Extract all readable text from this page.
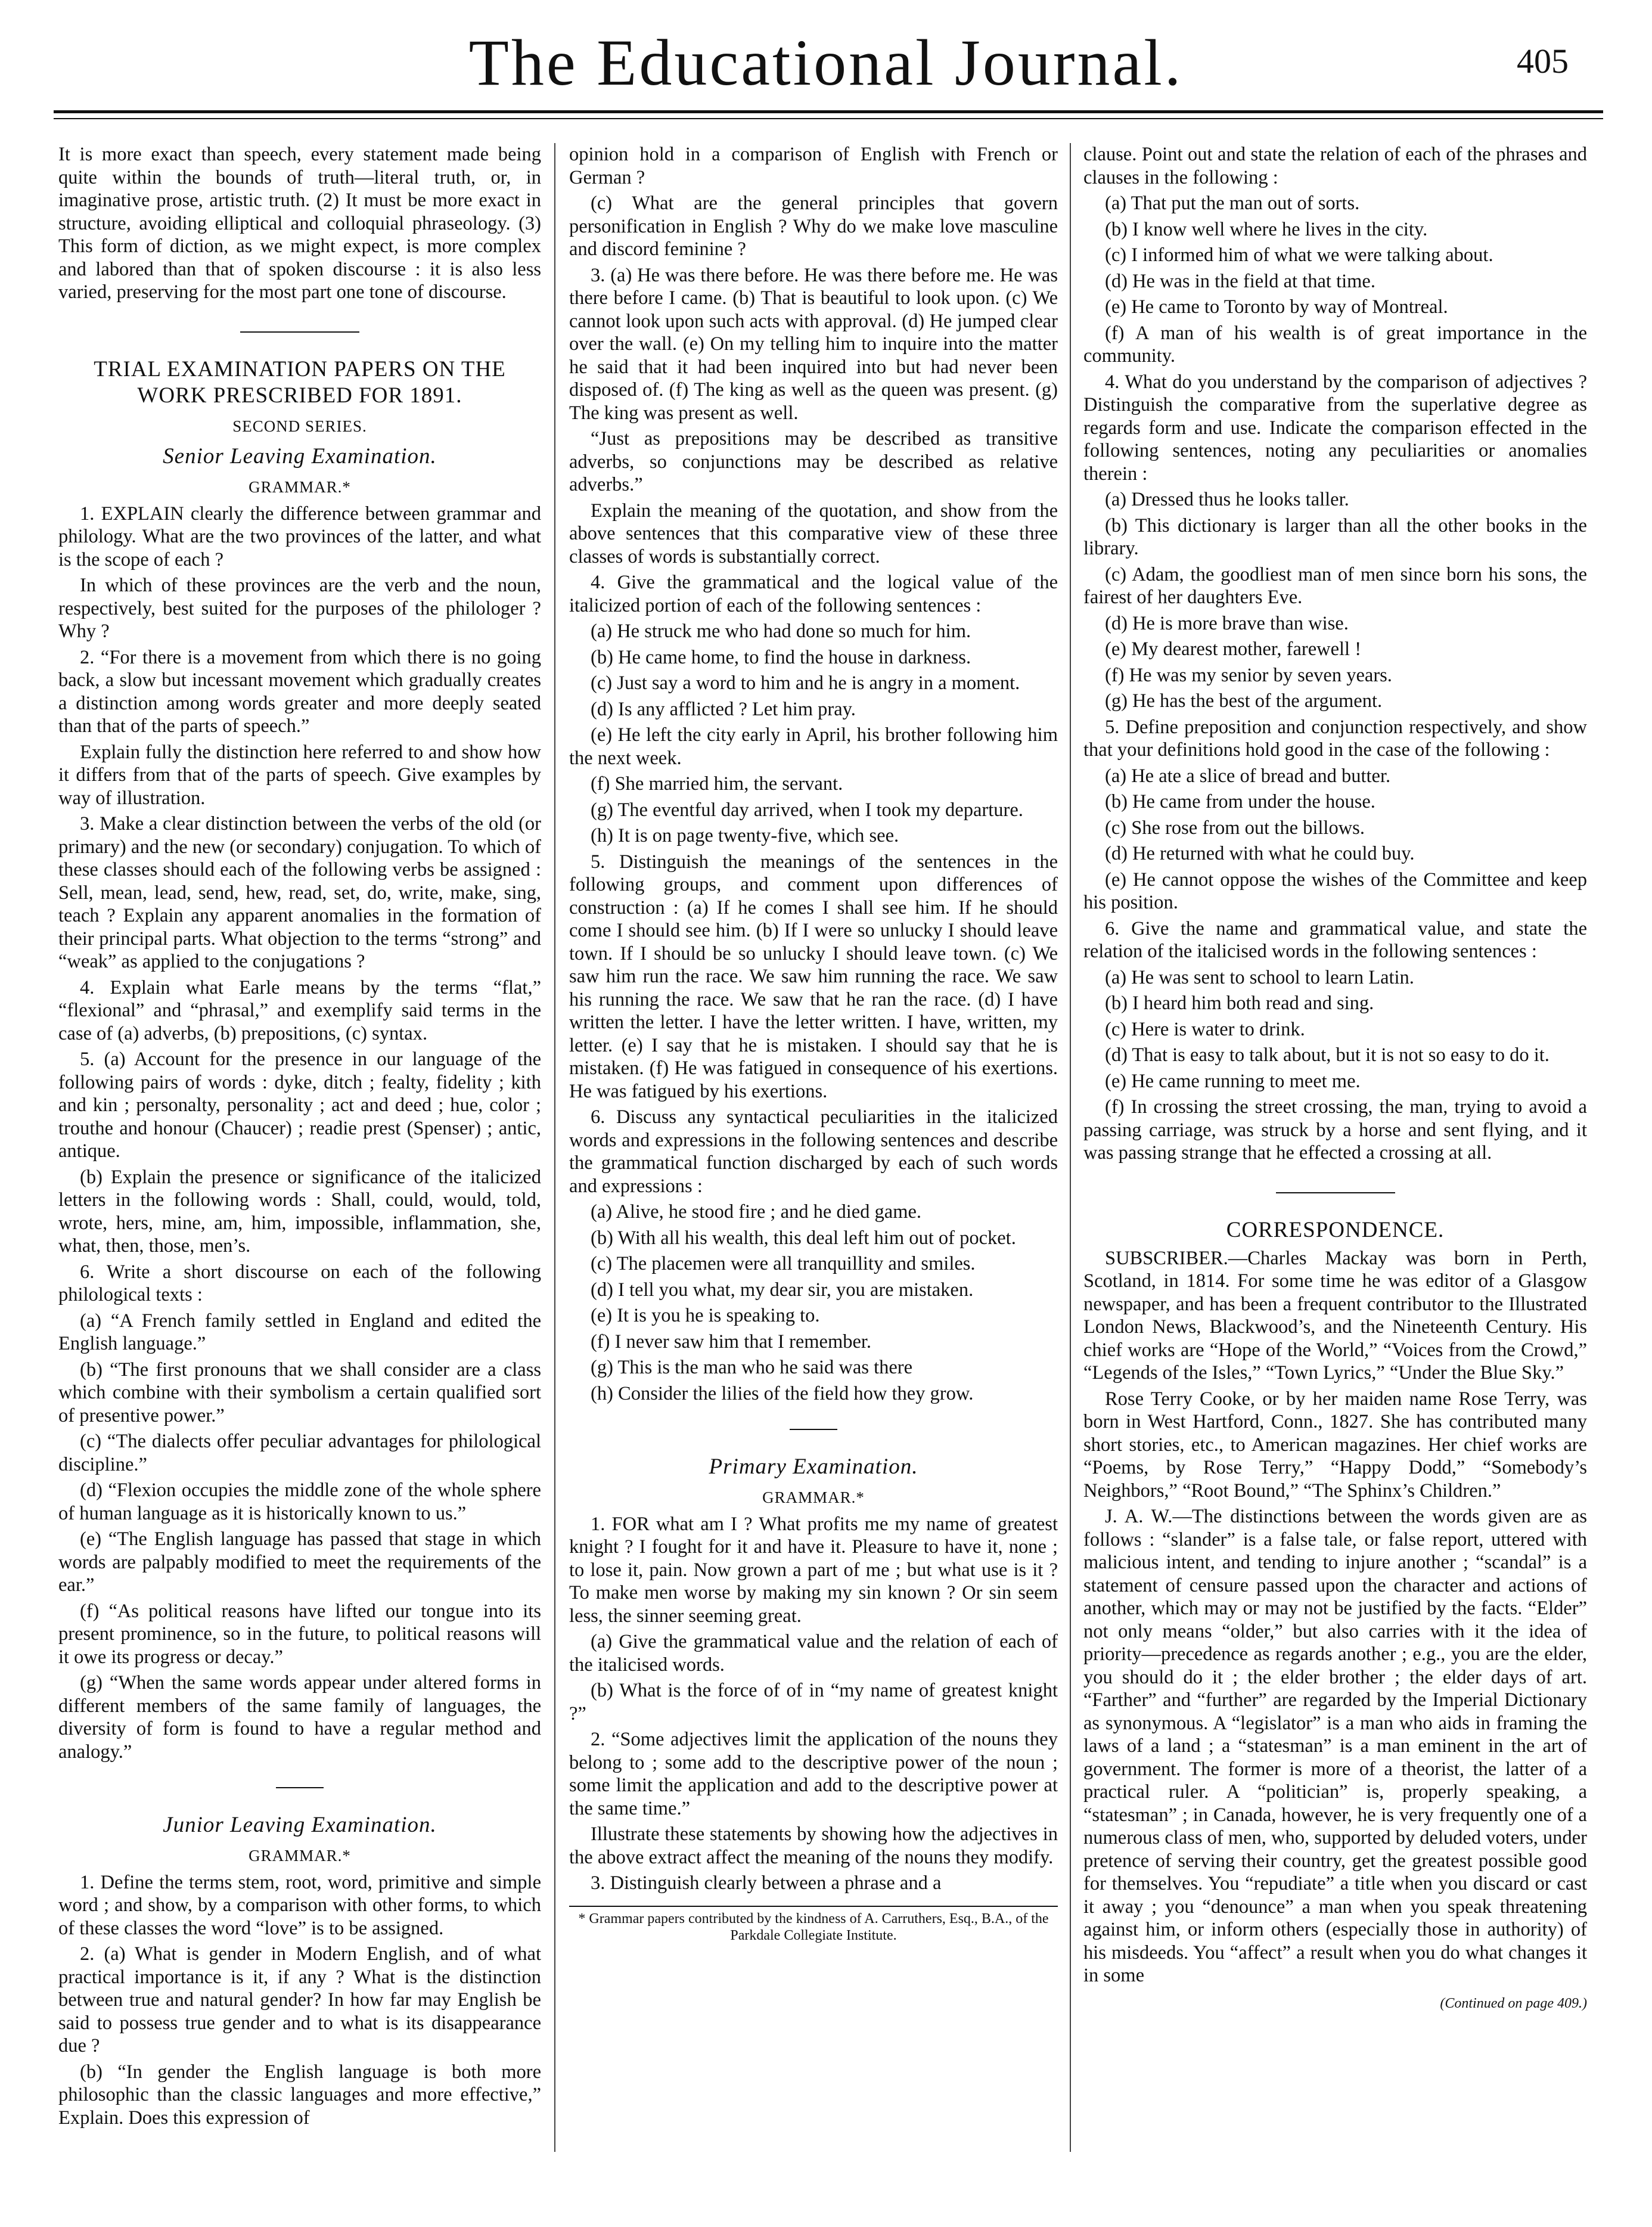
The Educational Journal.	405

It is more exact than speech, every statement made being quite within the bounds of truth—literal truth, or, in imaginative prose, artistic truth. (2) It must be more exact in structure, avoiding elliptical and colloquial phraseology. (3) This form of diction, as we might expect, is more complex and labored than that of spoken discourse : it is also less varied, preserving for the most part one tone of discourse.

TRIAL EXAMINATION PAPERS ON THE WORK PRESCRIBED FOR 1891.

SECOND SERIES.

Senior Leaving Examination.

GRAMMAR.*

1. EXPLAIN clearly the difference between grammar and philology. What are the two provinces of the latter, and what is the scope of each ?

In which of these provinces are the verb and the noun, respectively, best suited for the purposes of the philologer ? Why ?

2. “For there is a movement from which there is no going back, a slow but incessant movement which gradually creates a distinction among words greater and more deeply seated than that of the parts of speech.”

Explain fully the distinction here referred to and show how it differs from that of the parts of speech. Give examples by way of illustration.

3. Make a clear distinction between the verbs of the old (or primary) and the new (or secondary) conjugation. To which of these classes should each of the following verbs be assigned : Sell, mean, lead, send, hew, read, set, do, write, make, sing, teach ? Explain any apparent anomalies in the formation of their principal parts. What objection to the terms “strong” and “weak” as applied to the conjugations ?

4. Explain what Earle means by the terms “flat,” “flexional” and “phrasal,” and exemplify said terms in the case of (a) adverbs, (b) prepositions, (c) syntax.

5. (a) Account for the presence in our language of the following pairs of words : dyke, ditch ; fealty, fidelity ; kith and kin ; personalty, personality ; act and deed ; hue, color ; trouthe and honour (Chaucer) ; readie prest (Spenser) ; antic, antique.

(b) Explain the presence or significance of the italicized letters in the following words : Shall, could, would, told, wrote, hers, mine, am, him, impossible, inflammation, she, what, then, those, men’s.

6. Write a short discourse on each of the following philological texts :

(a) “A French family settled in England and edited the English language.”

(b) “The first pronouns that we shall consider are a class which combine with their symbolism a certain qualified sort of presentive power.”

(c) “The dialects offer peculiar advantages for philological discipline.”

(d) “Flexion occupies the middle zone of the whole sphere of human language as it is historically known to us.”

(e) “The English language has passed that stage in which words are palpably modified to meet the requirements of the ear.”

(f) “As political reasons have lifted our tongue into its present prominence, so in the future, to political reasons will it owe its progress or decay.”

(g) “When the same words appear under altered forms in different members of the same family of languages, the diversity of form is found to have a regular method and analogy.”

Junior Leaving Examination.

GRAMMAR.*

1. Define the terms stem, root, word, primitive and simple word ; and show, by a comparison with other forms, to which of these classes the word “love” is to be assigned.

2. (a) What is gender in Modern English, and of what practical importance is it, if any ? What is the distinction between true and natural gender? In how far may English be said to possess true gender and to what is its disappearance due ?

(b) “In gender the English language is both more philosophic than the classic languages and more effective,” Explain. Does this expression of

opinion hold in a comparison of English with French or German ?

(c) What are the general principles that govern personification in English ? Why do we make love masculine and discord feminine ?

3. (a) He was there before. He was there before me. He was there before I came. (b) That is beautiful to look upon. (c) We cannot look upon such acts with approval. (d) He jumped clear over the wall. (e) On my telling him to inquire into the matter he said that it had been inquired into but had never been disposed of. (f) The king as well as the queen was present. (g) The king was present as well.

“Just as prepositions may be described as transitive adverbs, so conjunctions may be described as relative adverbs.”

Explain the meaning of the quotation, and show from the above sentences that this comparative view of these three classes of words is substantially correct.

4. Give the grammatical and the logical value of the italicized portion of each of the following sentences :

(a) He struck me who had done so much for him.

(b) He came home, to find the house in darkness.

(c) Just say a word to him and he is angry in a moment.

(d) Is any afflicted ? Let him pray.

(e) He left the city early in April, his brother following him the next week.

(f) She married him, the servant.

(g) The eventful day arrived, when I took my departure.

(h) It is on page twenty-five, which see.

5. Distinguish the meanings of the sentences in the following groups, and comment upon differences of construction : (a) If he comes I shall see him. If he should come I should see him. (b) If I were so unlucky I should leave town. If I should be so unlucky I should leave town. (c) We saw him run the race. We saw him running the race. We saw his running the race. We saw that he ran the race. (d) I have written the letter. I have the letter written. I have, written, my letter. (e) I say that he is mistaken. I should say that he is mistaken. (f) He was fatigued in consequence of his exertions. He was fatigued by his exertions.

6. Discuss any syntactical peculiarities in the italicized words and expressions in the following sentences and describe the grammatical function discharged by each of such words and expressions :

(a) Alive, he stood fire ; and he died game.

(b) With all his wealth, this deal left him out of pocket.

(c) The placemen were all tranquillity and smiles.

(d) I tell you what, my dear sir, you are mistaken.

(e) It is you he is speaking to.

(f) I never saw him that I remember.

(g) This is the man who he said was there

(h) Consider the lilies of the field how they grow.

Primary Examination.

GRAMMAR.*

1. FOR what am I ? What profits me my name of greatest knight ? I fought for it and have it. Pleasure to have it, none ; to lose it, pain. Now grown a part of me ; but what use is it ? To make men worse by making my sin known ? Or sin seem less, the sinner seeming great.

(a) Give the grammatical value and the relation of each of the italicised words.

(b) What is the force of of in “my name of greatest knight ?”

2. “Some adjectives limit the application of the nouns they belong to ; some add to the descriptive power of the noun ; some limit the application and add to the descriptive power at the same time.”

Illustrate these statements by showing how the adjectives in the above extract affect the meaning of the nouns they modify.

3. Distinguish clearly between a phrase and a

* Grammar papers contributed by the kindness of A. Carruthers, Esq., B.A., of the Parkdale Collegiate Institute.

clause. Point out and state the relation of each of the phrases and clauses in the following :

(a) That put the man out of sorts.

(b) I know well where he lives in the city.

(c) I informed him of what we were talking about.

(d) He was in the field at that time.

(e) He came to Toronto by way of Montreal.

(f) A man of his wealth is of great importance in the community.

4. What do you understand by the comparison of adjectives ? Distinguish the comparative from the superlative degree as regards form and use. Indicate the comparison effected in the following sentences, noting any peculiarities or anomalies therein :

(a) Dressed thus he looks taller.

(b) This dictionary is larger than all the other books in the library.

(c) Adam, the goodliest man of men since born his sons, the fairest of her daughters Eve.

(d) He is more brave than wise.

(e) My dearest mother, farewell !

(f) He was my senior by seven years.

(g) He has the best of the argument.

5. Define preposition and conjunction respectively, and show that your definitions hold good in the case of the following :

(a) He ate a slice of bread and butter.

(b) He came from under the house.

(c) She rose from out the billows.

(d) He returned with what he could buy.

(e) He cannot oppose the wishes of the Committee and keep his position.

6. Give the name and grammatical value, and state the relation of the italicised words in the following sentences :

(a) He was sent to school to learn Latin.

(b) I heard him both read and sing.

(c) Here is water to drink.

(d) That is easy to talk about, but it is not so easy to do it.

(e) He came running to meet me.

(f) In crossing the street crossing, the man, trying to avoid a passing carriage, was struck by a horse and sent flying, and it was passing strange that he effected a crossing at all.

CORRESPONDENCE.

SUBSCRIBER.—Charles Mackay was born in Perth, Scotland, in 1814. For some time he was editor of a Glasgow newspaper, and has been a frequent contributor to the Illustrated London News, Blackwood’s, and the Nineteenth Century. His chief works are “Hope of the World,” “Voices from the Crowd,” “Legends of the Isles,” “Town Lyrics,” “Under the Blue Sky.”

Rose Terry Cooke, or by her maiden name Rose Terry, was born in West Hartford, Conn., 1827. She has contributed many short stories, etc., to American magazines. Her chief works are “Poems, by Rose Terry,” “Happy Dodd,” “Somebody’s Neighbors,” “Root Bound,” “The Sphinx’s Children.”

J. A. W.—The distinctions between the words given are as follows : “slander” is a false tale, or false report, uttered with malicious intent, and tending to injure another ; “scandal” is a statement of censure passed upon the character and actions of another, which may or may not be justified by the facts. “Elder” not only means “older,” but also carries with it the idea of priority—precedence as regards another ; e.g., you are the elder, you should do it ; the elder brother ; the elder days of art. “Farther” and “further” are regarded by the Imperial Dictionary as synonymous. A “legislator” is a man who aids in framing the laws of a land ; a “statesman” is a man eminent in the art of government. The former is more of a theorist, the latter of a practical ruler. A “politician” is, properly speaking, a “statesman” ; in Canada, however, he is very frequently one of a numerous class of men, who, supported by deluded voters, under pretence of serving their country, get the greatest possible good for themselves. You “repudiate” a title when you discard or cast it away ; you “denounce” a man when you speak threatening against him, or inform others (especially those in authority) of his misdeeds. You “affect” a result when you do what changes it in some

(Continued on page 409.)
